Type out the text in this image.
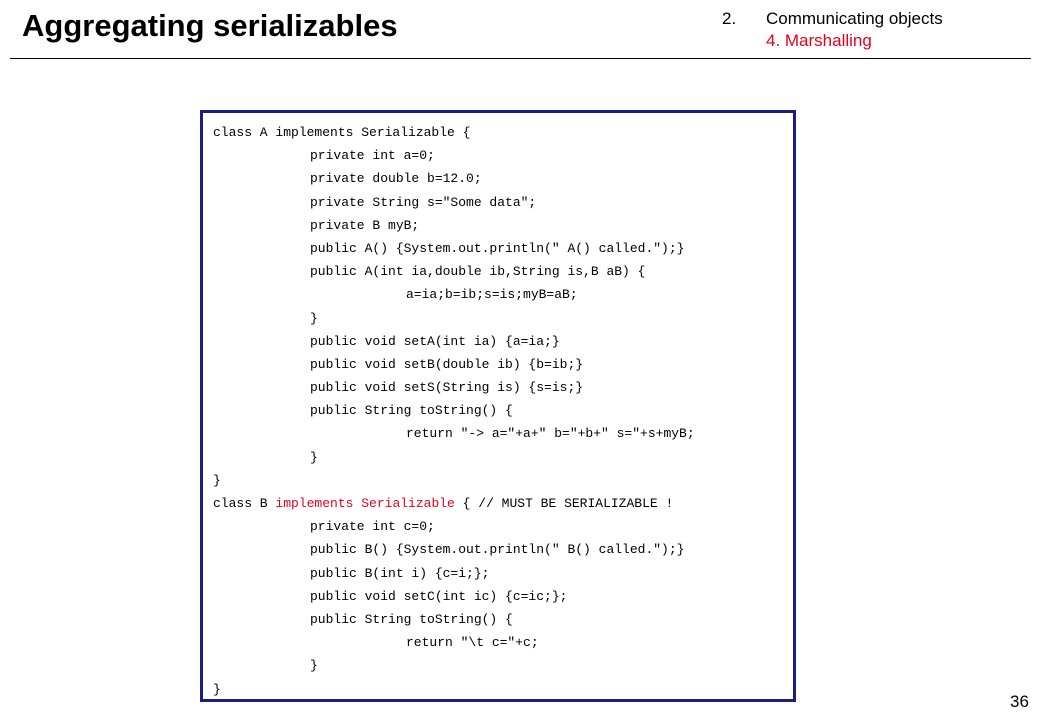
Aggregating serializables	2.	Communicating objects
4. Marshalling
class A implements Serializable {
private int a=0;
private double b=12.0;
private String s="Some data";
private B myB;
public A() {System.out.println(" A() called.");}
public A(int ia,double ib,String is,B aB) {
a=ia;b=ib;s=is;myB=aB;
}
public void setA(int ia) {a=ia;}
public void setB(double ib) {b=ib;}
public void setS(String is) {s=is;}
public String toString() {
return "-> a="+a+" b="+b+" s="+s+myB;
}
}
class B implements Serializable { // MUST BE SERIALIZABLE !
private int c=0;
public B() {System.out.println(" B() called.");}
public B(int i) {c=i;};
public void setC(int ic) {c=ic;};
public String toString() {
return "\t c="+c;
}
}
36
